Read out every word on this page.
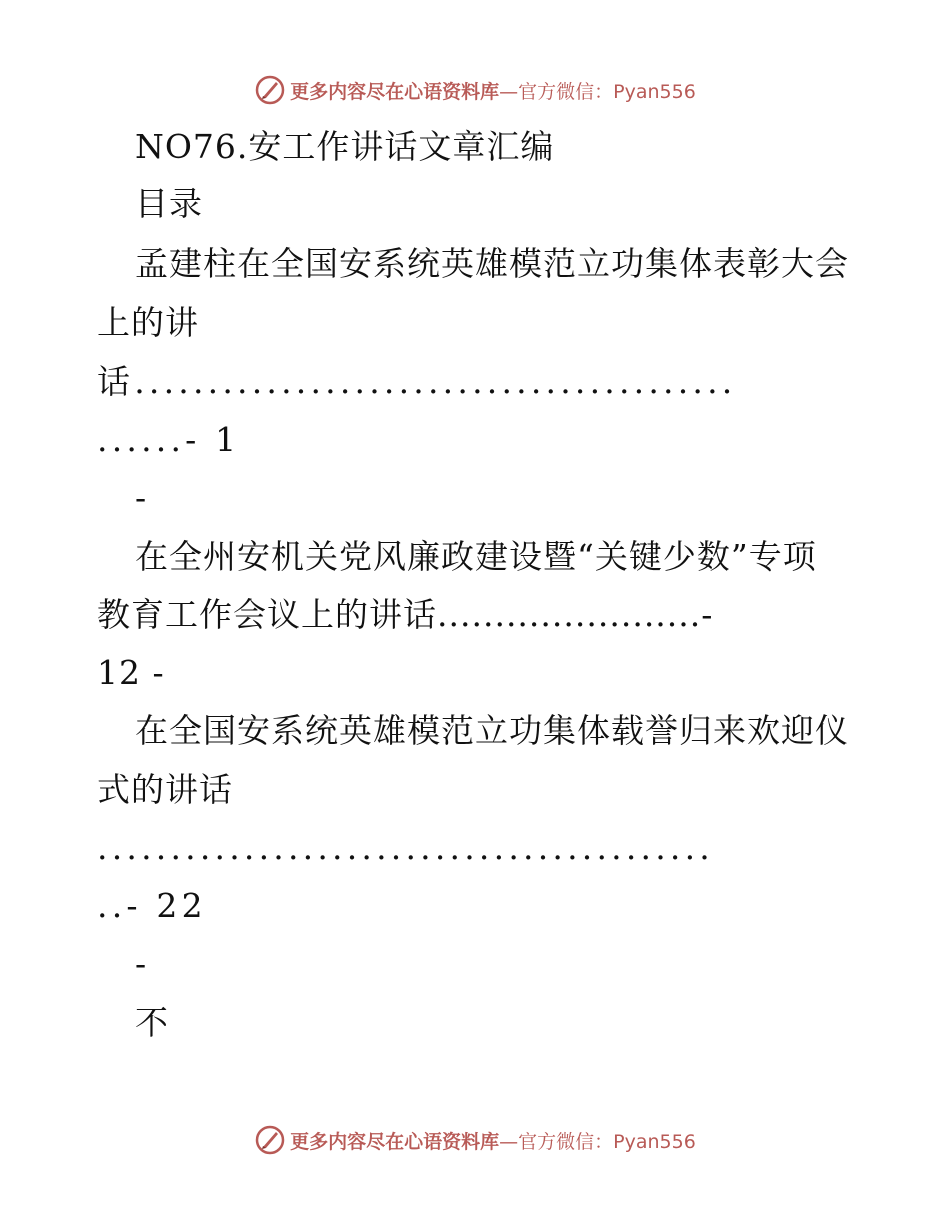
更多内容尽在心语资料库 —官方微信：Pyan556
NO76.安工作讲话文章汇编
目录
孟建柱在全国安系统英雄模范立功集体表彰大会
上的讲
话.........................................
......- 1
-
在全州安机关党风廉政建设暨“关键少数”专项
教育工作会议上的讲话.......................-
12 -
在全国安系统英雄模范立功集体载誉归来欢迎仪
式的讲话
..........................................
..- 22
-
不
更多内容尽在心语资料库 —官方微信：Pyan556
